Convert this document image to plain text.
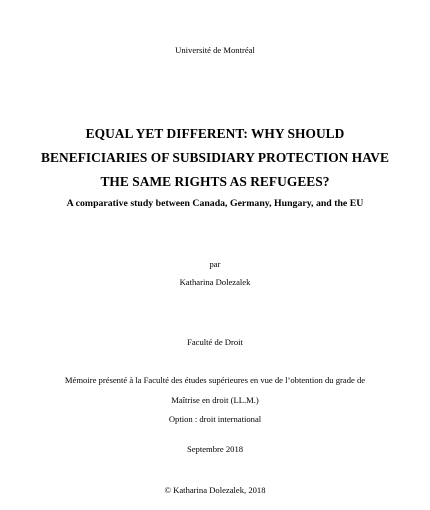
Université de Montréal
EQUAL YET DIFFERENT: WHY SHOULD
BENEFICIARIES OF SUBSIDIARY PROTECTION HAVE
THE SAME RIGHTS AS REFUGEES?
A comparative study between Canada, Germany, Hungary, and the EU
par
Katharina Dolezalek
Faculté de Droit
Mémoire présenté à la Faculté des études supérieures en vue de l’obtention du grade de
Maîtrise en droit (LL.M.)
Option : droit international
Septembre 2018
© Katharina Dolezalek, 2018
